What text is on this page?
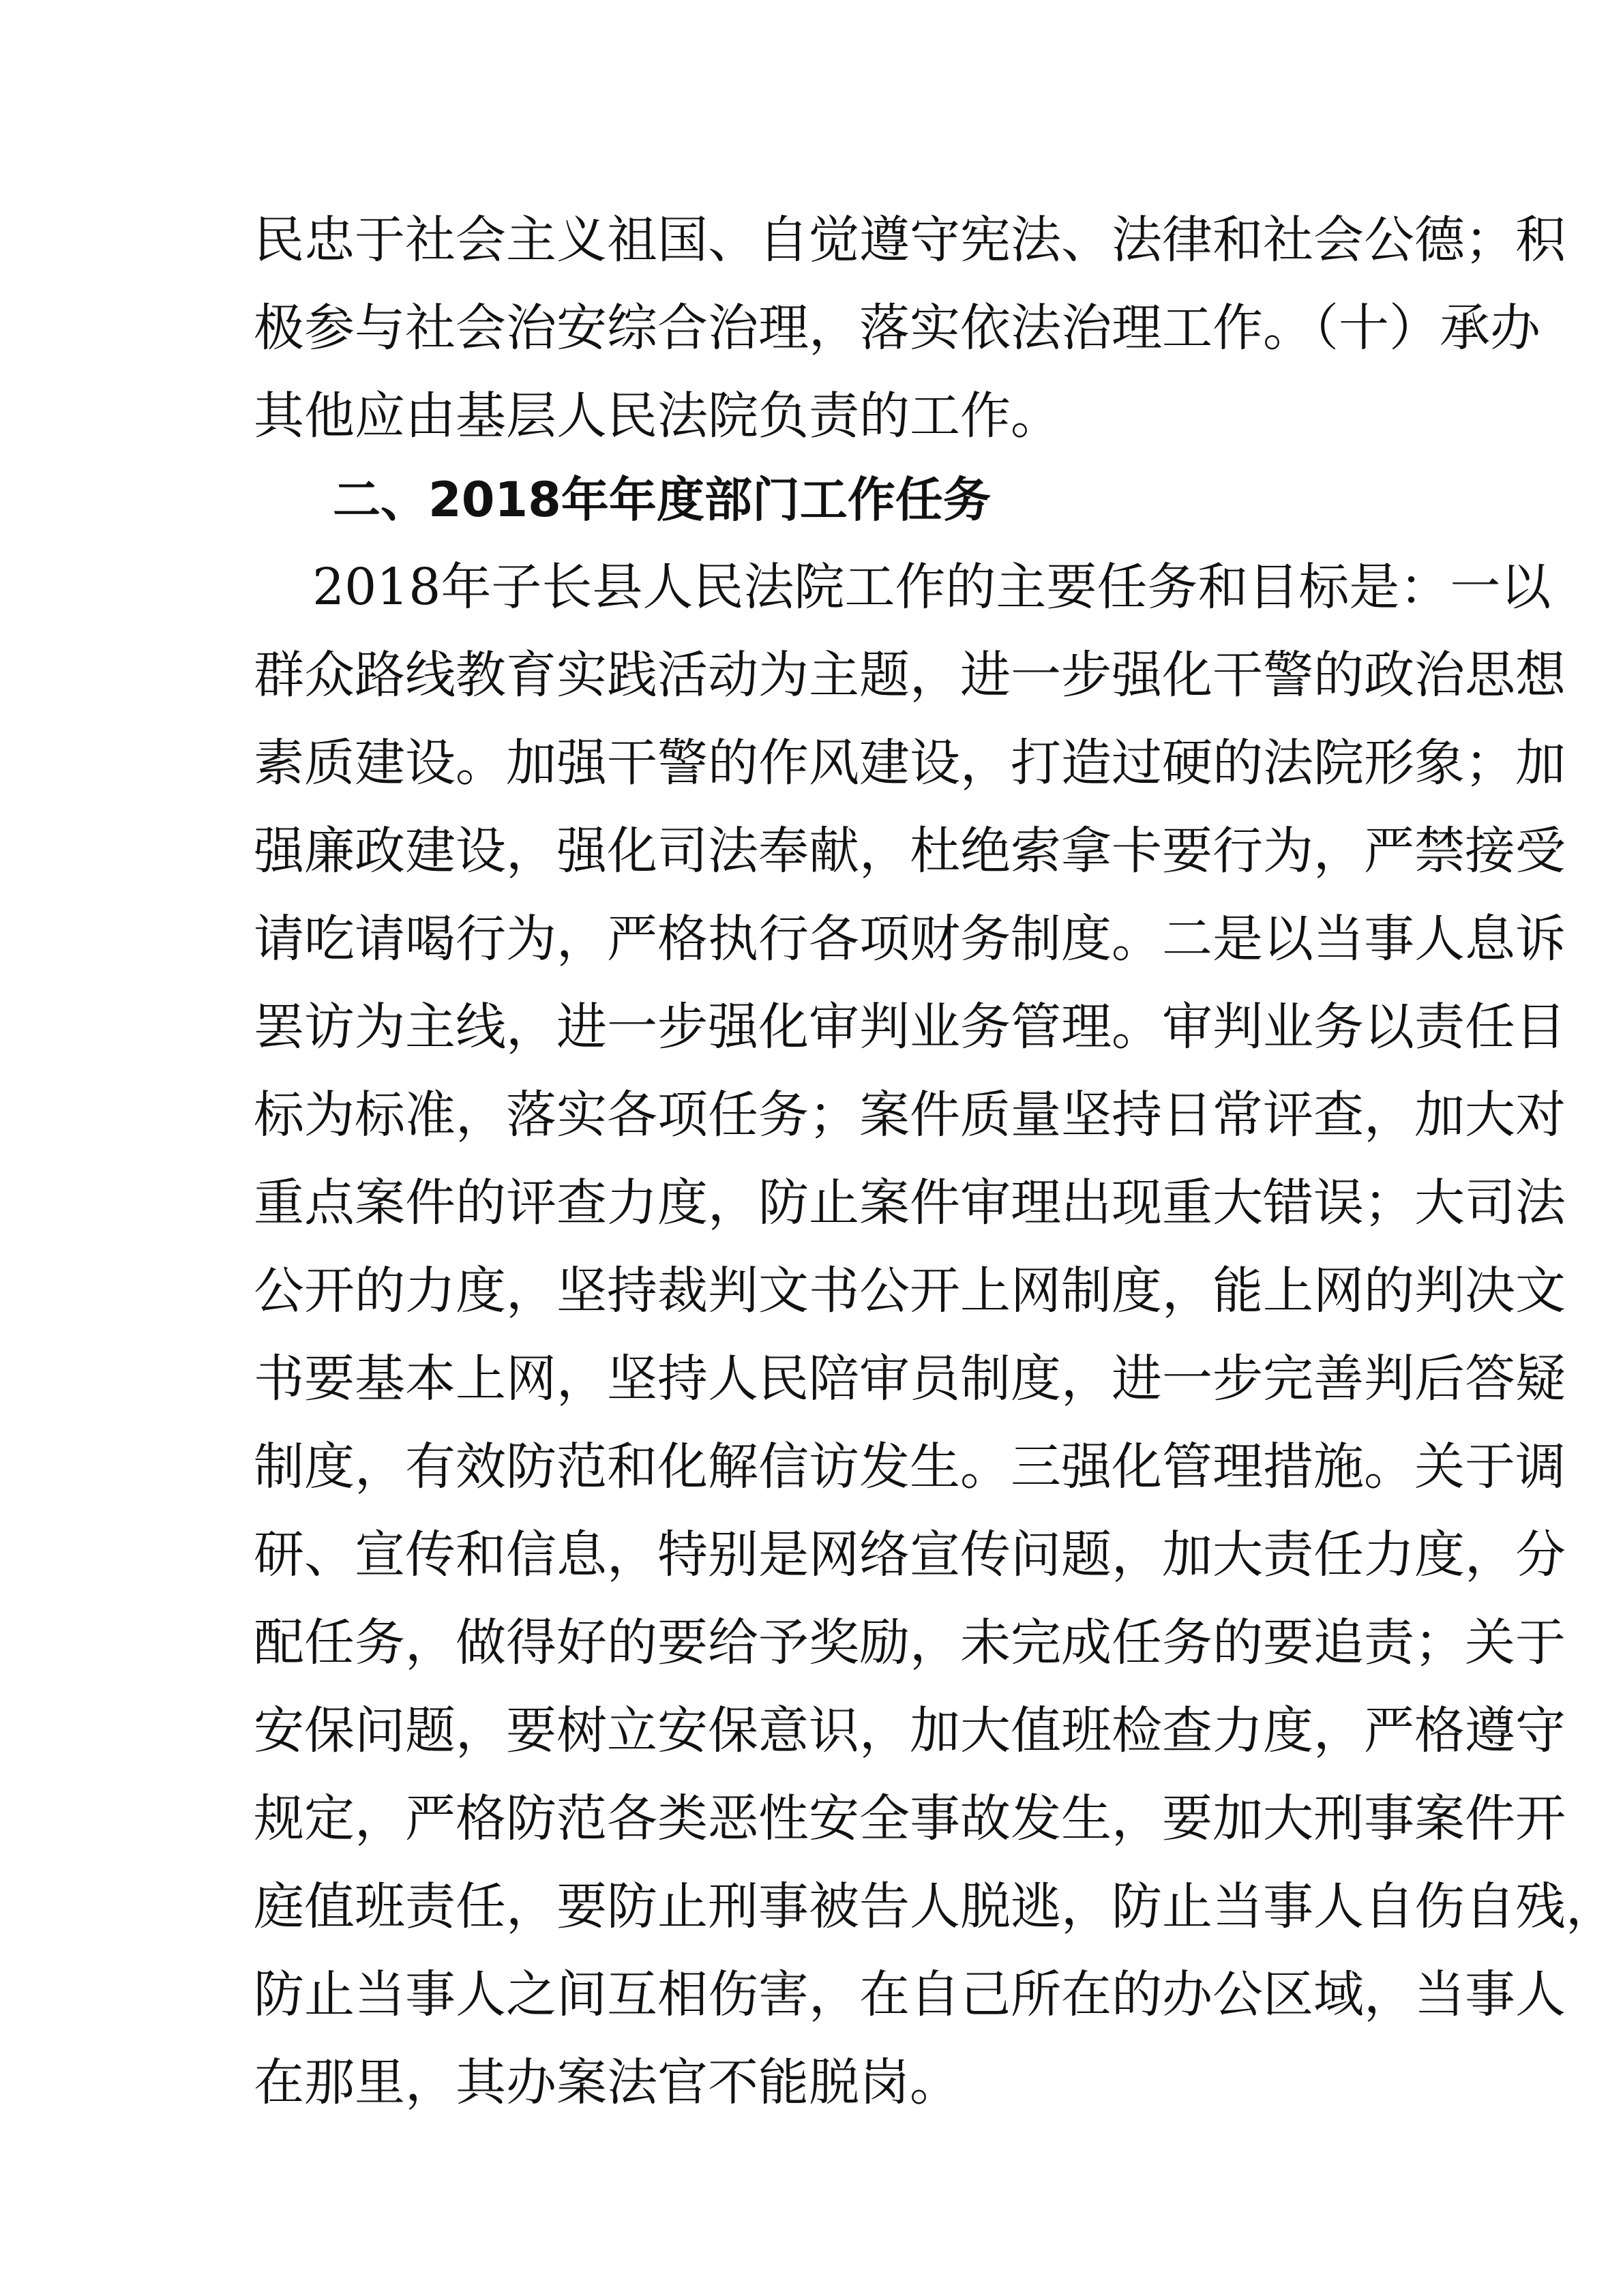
民忠于社会主义祖国、自觉遵守宪法、法律和社会公德；积
极参与社会治安综合治理，落实依法治理工作。（十）承办
其他应由基层人民法院负责的工作。
二、2018年年度部门工作任务
2018年子长县人民法院工作的主要任务和目标是：一以
群众路线教育实践活动为主题，进一步强化干警的政治思想
素质建设。加强干警的作风建设，打造过硬的法院形象；加
强廉政建设，强化司法奉献，杜绝索拿卡要行为，严禁接受
请吃请喝行为，严格执行各项财务制度。二是以当事人息诉
罢访为主线，进一步强化审判业务管理。审判业务以责任目
标为标准，落实各项任务；案件质量坚持日常评查，加大对
重点案件的评查力度，防止案件审理出现重大错误；大司法
公开的力度，坚持裁判文书公开上网制度，能上网的判决文
书要基本上网，坚持人民陪审员制度，进一步完善判后答疑
制度，有效防范和化解信访发生。三强化管理措施。关于调
研、宣传和信息，特别是网络宣传问题，加大责任力度，分
配任务，做得好的要给予奖励，未完成任务的要追责；关于
安保问题，要树立安保意识，加大值班检查力度，严格遵守
规定，严格防范各类恶性安全事故发生，要加大刑事案件开
庭值班责任，要防止刑事被告人脱逃，防止当事人自伤自残，
防止当事人之间互相伤害，在自己所在的办公区域，当事人
在那里，其办案法官不能脱岗。
